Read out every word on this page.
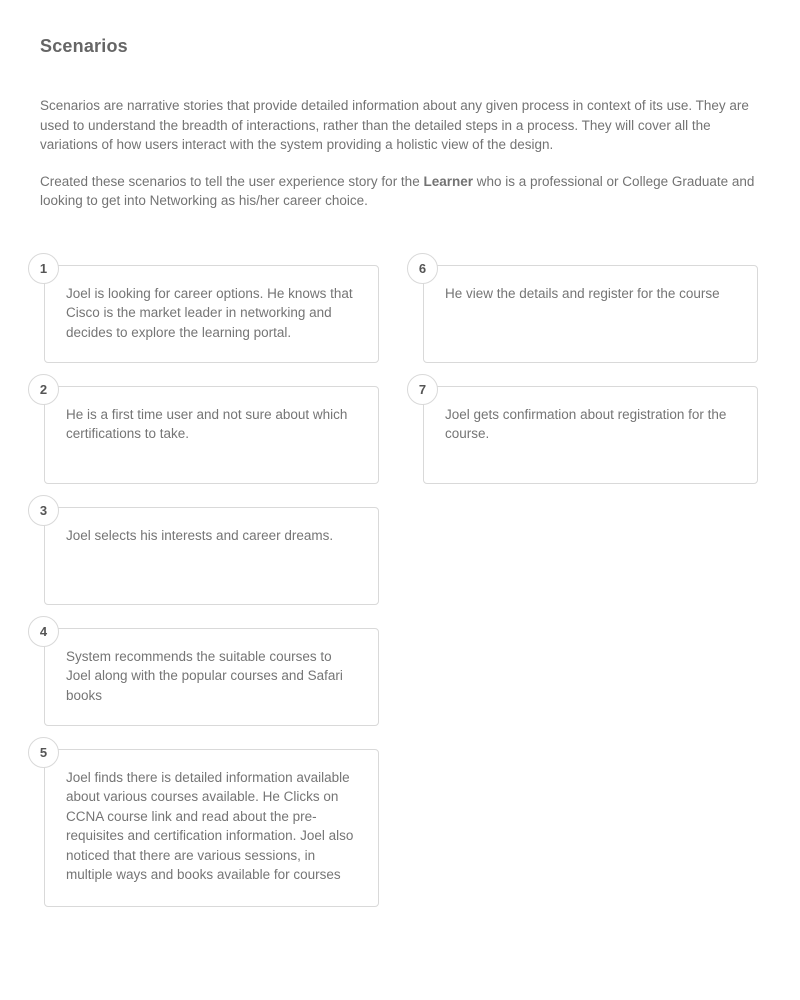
Scenarios

Scenarios are narrative stories that provide detailed information about any given process in context of its use. They are used to understand the breadth of interactions, rather than the detailed steps in a process. They will cover all the variations of how users interact with the system providing a holistic view of the design.

Created these scenarios to tell the user experience story for the Learner who is a professional or College Graduate and looking to get into Networking as his/her career choice.

1

Joel is looking for career options. He knows that Cisco is the market leader in networking and decides to explore the learning portal.

2

He is a first time user and not sure about which certifications to take.

3

Joel selects his interests and career dreams.

4

System recommends the suitable courses to Joel along with the popular courses and Safari books

5

Joel finds there is detailed information available about various courses available. He Clicks on CCNA course link and read about the pre-requisites and certification information. Joel also noticed that there are various sessions, in multiple ways and books available for courses

6

He view the details and register for the course

7

Joel gets confirmation about registration for the course.
